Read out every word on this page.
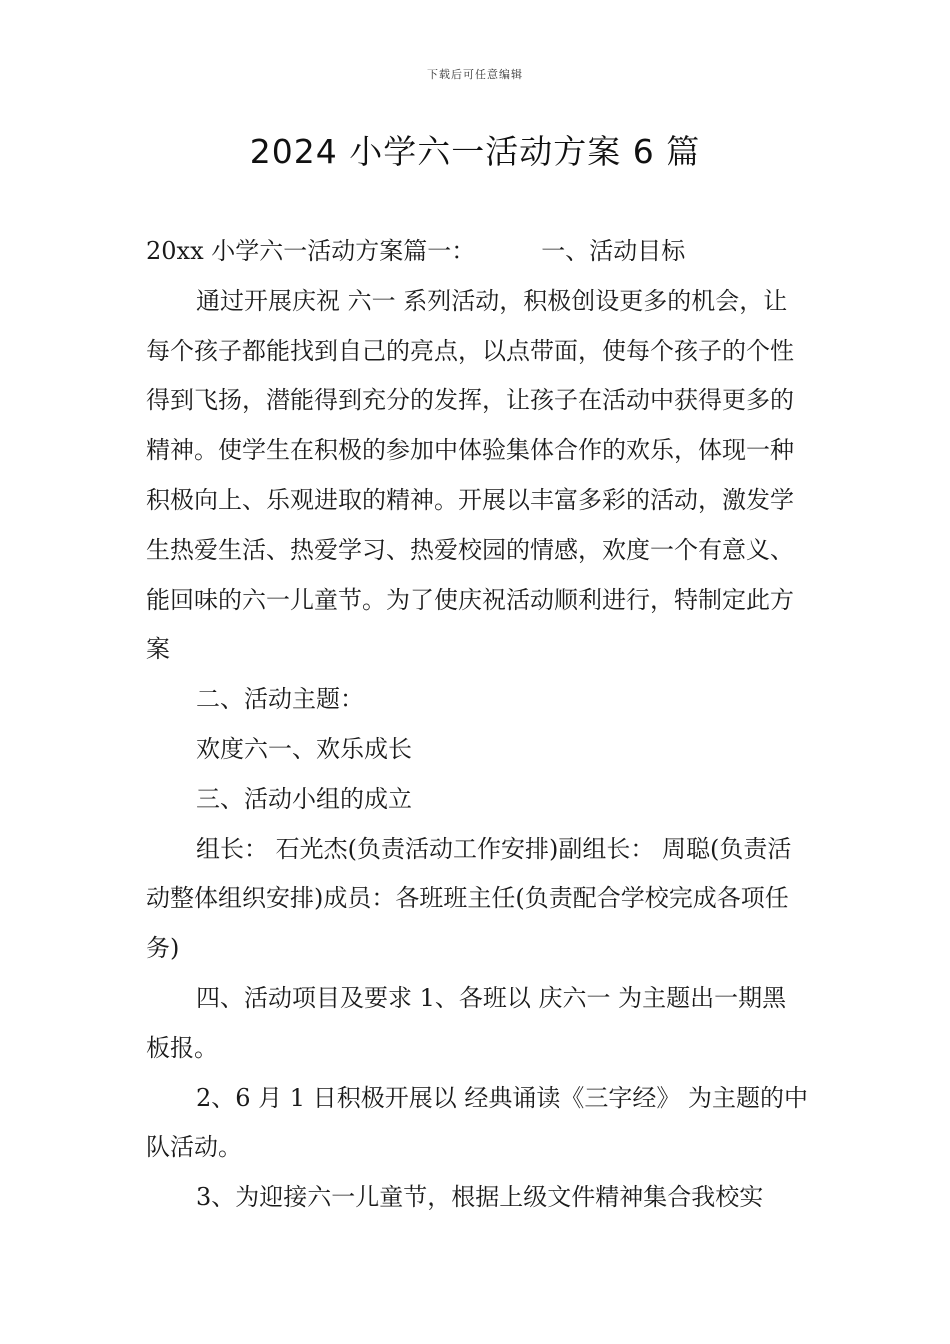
下载后可任意编辑
2024 小学六一活动方案 6 篇

20xx 小学六一活动方案篇一：	一、活动目标

通过开展庆祝 六一 系列活动，积极创设更多的机会，让每个孩子都能找到自己的亮点，以点带面，使每个孩子的个性得到飞扬，潜能得到充分的发挥，让孩子在活动中获得更多的精神。使学生在积极的参加中体验集体合作的欢乐，体现一种积极向上、乐观进取的精神。开展以丰富多彩的活动，激发学生热爱生活、热爱学习、热爱校园的情感，欢度一个有意义、能回味的六一儿童节。为了使庆祝活动顺利进行，特制定此方案

二、活动主题：

欢度六一、欢乐成长

三、活动小组的成立

组长： 石光杰(负责活动工作安排)副组长： 周聪(负责活动整体组织安排)成员：各班班主任(负责配合学校完成各项任务)

四、活动项目及要求 1、各班以 庆六一 为主题出一期黑板报。

2、6 月 1 日积极开展以 经典诵读《三字经》 为主题的中队活动。

3、为迎接六一儿童节，根据上级文件精神集合我校实
